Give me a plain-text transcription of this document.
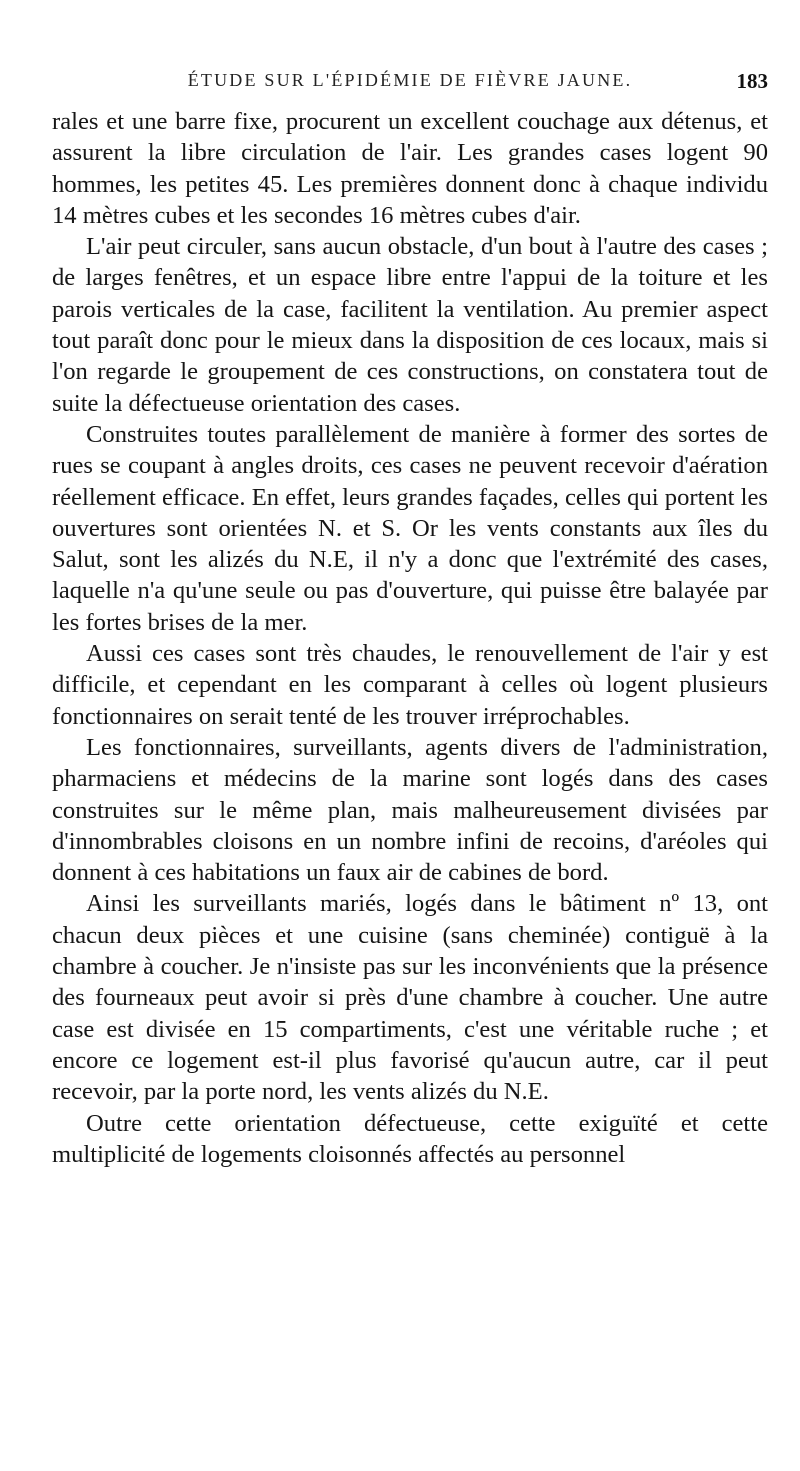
ÉTUDE SUR L'ÉPIDÉMIE DE FIÈVRE JAUNE.	183

rales et une barre fixe, procurent un excellent couchage aux détenus, et assurent la libre circulation de l'air. Les grandes cases logent 90 hommes, les petites 45. Les premières donnent donc à chaque individu 14 mètres cubes et les secondes 16 mètres cubes d'air.

L'air peut circuler, sans aucun obstacle, d'un bout à l'autre des cases ; de larges fenêtres, et un espace libre entre l'appui de la toiture et les parois verticales de la case, facilitent la ventilation. Au premier aspect tout paraît donc pour le mieux dans la disposition de ces locaux, mais si l'on regarde le groupement de ces constructions, on constatera tout de suite la défectueuse orientation des cases.

Construites toutes parallèlement de manière à former des sortes de rues se coupant à angles droits, ces cases ne peuvent recevoir d'aération réellement efficace. En effet, leurs grandes façades, celles qui portent les ouvertures sont orientées N. et S. Or les vents constants aux îles du Salut, sont les alizés du N.E, il n'y a donc que l'extrémité des cases, laquelle n'a qu'une seule ou pas d'ouverture, qui puisse être balayée par les fortes brises de la mer.

Aussi ces cases sont très chaudes, le renouvellement de l'air y est difficile, et cependant en les comparant à celles où logent plusieurs fonctionnaires on serait tenté de les trouver irréprochables.

Les fonctionnaires, surveillants, agents divers de l'administration, pharmaciens et médecins de la marine sont logés dans des cases construites sur le même plan, mais malheureusement divisées par d'innombrables cloisons en un nombre infini de recoins, d'aréoles qui donnent à ces habitations un faux air de cabines de bord.

Ainsi les surveillants mariés, logés dans le bâtiment nº 13, ont chacun deux pièces et une cuisine (sans cheminée) contiguë à la chambre à coucher. Je n'insiste pas sur les inconvénients que la présence des fourneaux peut avoir si près d'une chambre à coucher. Une autre case est divisée en 15 compartiments, c'est une véritable ruche ; et encore ce logement est-il plus favorisé qu'aucun autre, car il peut recevoir, par la porte nord, les vents alizés du N.E.

Outre cette orientation défectueuse, cette exiguïté et cette multiplicité de logements cloisonnés affectés au personnel
